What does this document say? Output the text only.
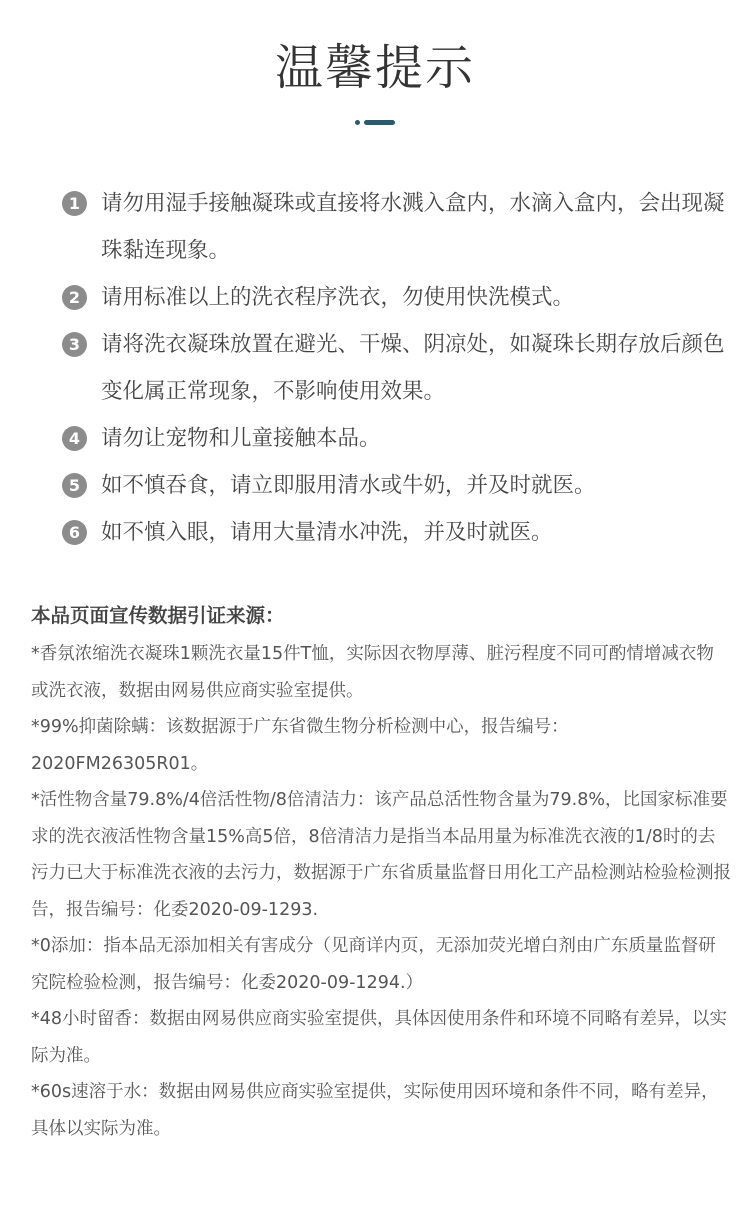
温馨提示
1 请勿用湿手接触凝珠或直接将水溅入盒内，水滴入盒内，会出现凝珠黏连现象。
2 请用标准以上的洗衣程序洗衣，勿使用快洗模式。
3 请将洗衣凝珠放置在避光、干燥、阴凉处，如凝珠长期存放后颜色变化属正常现象，不影响使用效果。
4 请勿让宠物和儿童接触本品。
5 如不慎吞食，请立即服用清水或牛奶，并及时就医。
6 如不慎入眼，请用大量清水冲洗，并及时就医。
本品页面宣传数据引证来源：
*香氛浓缩洗衣凝珠1颗洗衣量15件T恤，实际因衣物厚薄、脏污程度不同可酌情增减衣物或洗衣液，数据由网易供应商实验室提供。
*99%抑菌除螨：该数据源于广东省微生物分析检测中心，报告编号：2020FM26305R01。
*活性物含量79.8%/4倍活性物/8倍清洁力：该产品总活性物含量为79.8%，比国家标准要求的洗衣液活性物含量15%高5倍，8倍清洁力是指当本品用量为标准洗衣液的1/8时的去污力已大于标准洗衣液的去污力，数据源于广东省质量监督日用化工产品检测站检验检测报告，报告编号：化委2020-09-1293.
*0添加：指本品无添加相关有害成分（见商详内页，无添加荧光增白剂由广东质量监督研究院检验检测，报告编号：化委2020-09-1294.）
*48小时留香：数据由网易供应商实验室提供，具体因使用条件和环境不同略有差异，以实际为准。
*60s速溶于水：数据由网易供应商实验室提供，实际使用因环境和条件不同，略有差异，具体以实际为准。
